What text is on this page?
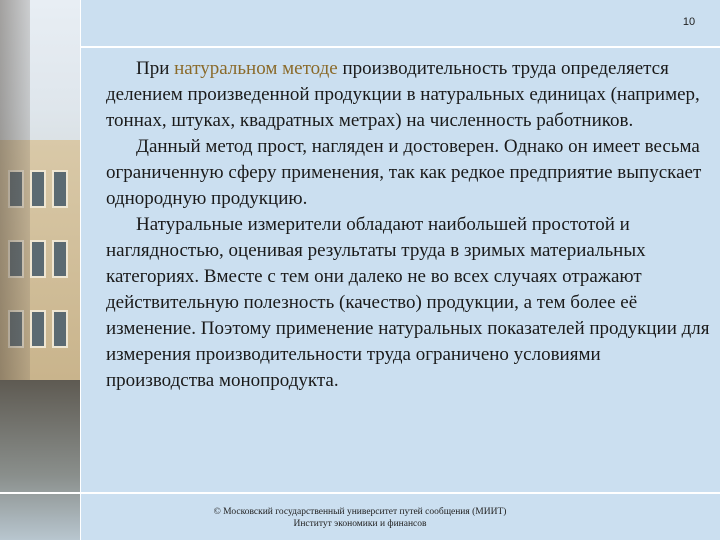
10

При натуральном методе производительность труда определяется делением произведенной продукции в натуральных единицах (например, тоннах, штуках, квадратных метрах) на численность работников.

Данный метод прост, нагляден и достоверен. Однако он имеет весьма ограниченную сферу применения, так как редкое предприятие выпускает однородную продукцию.

Натуральные измерители обладают наибольшей простотой и наглядностью, оценивая результаты труда в зримых материальных категориях. Вместе с тем они далеко не во всех случаях отражают действительную полезность (качество) продукции, а тем более её изменение. Поэтому применение натуральных показателей продукции для измерения производительности труда ограничено условиями производства монопродукта.

© Московский государственный университет путей сообщения (МИИТ)
Институт экономики и финансов
